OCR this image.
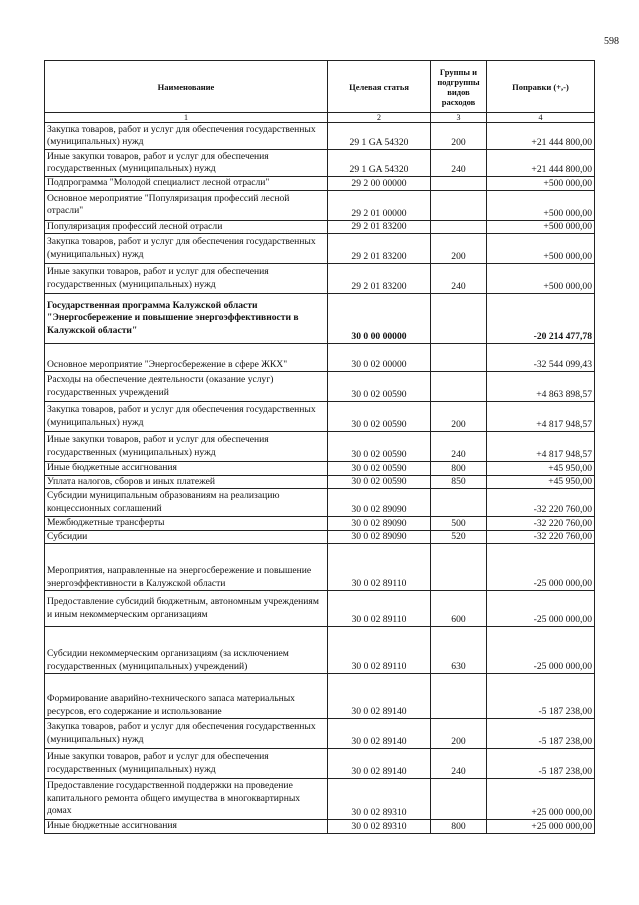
598
Наименование	Целевая статья	Группы и подгруппы видов расходов	Поправки (+,-)
1	2	3	4
Закупка товаров, работ и услуг для обеспечения государственных (муниципальных) нужд	29 1 GA 54320	200	+21 444 800,00
Иные закупки товаров, работ и услуг для обеспечения государственных (муниципальных) нужд	29 1 GA 54320	240	+21 444 800,00
Подпрограмма "Молодой специалист лесной отрасли"	29 2 00 00000		+500 000,00
Основное мероприятие "Популяризация профессий лесной отрасли"	29 2 01 00000		+500 000,00
Популяризация профессий лесной отрасли	29 2 01 83200		+500 000,00
Закупка товаров, работ и услуг для обеспечения государственных (муниципальных) нужд	29 2 01 83200	200	+500 000,00
Иные закупки товаров, работ и услуг для обеспечения государственных (муниципальных) нужд	29 2 01 83200	240	+500 000,00
Государственная программа Калужской области "Энергосбережение и повышение энергоэффективности в Калужской области"	30 0 00 00000		-20 214 477,78
Основное мероприятие "Энергосбережение в сфере ЖКХ"	30 0 02 00000		-32 544 099,43
Расходы на обеспечение деятельности (оказание услуг) государственных учреждений	30 0 02 00590		+4 863 898,57
Закупка товаров, работ и услуг для обеспечения государственных (муниципальных) нужд	30 0 02 00590	200	+4 817 948,57
Иные закупки товаров, работ и услуг для обеспечения государственных (муниципальных) нужд	30 0 02 00590	240	+4 817 948,57
Иные бюджетные ассигнования	30 0 02 00590	800	+45 950,00
Уплата налогов, сборов и иных платежей	30 0 02 00590	850	+45 950,00
Субсидии муниципальным образованиям на реализацию концессионных соглашений	30 0 02 89090		-32 220 760,00
Межбюджетные трансферты	30 0 02 89090	500	-32 220 760,00
Субсидии	30 0 02 89090	520	-32 220 760,00
Мероприятия, направленные на энергосбережение и повышение энергоэффективности в Калужской области	30 0 02 89110		-25 000 000,00
Предоставление субсидий бюджетным, автономным учреждениям и иным некоммерческим организациям	30 0 02 89110	600	-25 000 000,00
Субсидии некоммерческим организациям (за исключением государственных (муниципальных) учреждений)	30 0 02 89110	630	-25 000 000,00
Формирование аварийно-технического запаса материальных ресурсов, его содержание и использование	30 0 02 89140		-5 187 238,00
Закупка товаров, работ и услуг для обеспечения государственных (муниципальных) нужд	30 0 02 89140	200	-5 187 238,00
Иные закупки товаров, работ и услуг для обеспечения государственных (муниципальных) нужд	30 0 02 89140	240	-5 187 238,00
Предоставление государственной поддержки на проведение капитального ремонта общего имущества в многоквартирных домах	30 0 02 89310		+25 000 000,00
Иные бюджетные ассигнования	30 0 02 89310	800	+25 000 000,00
